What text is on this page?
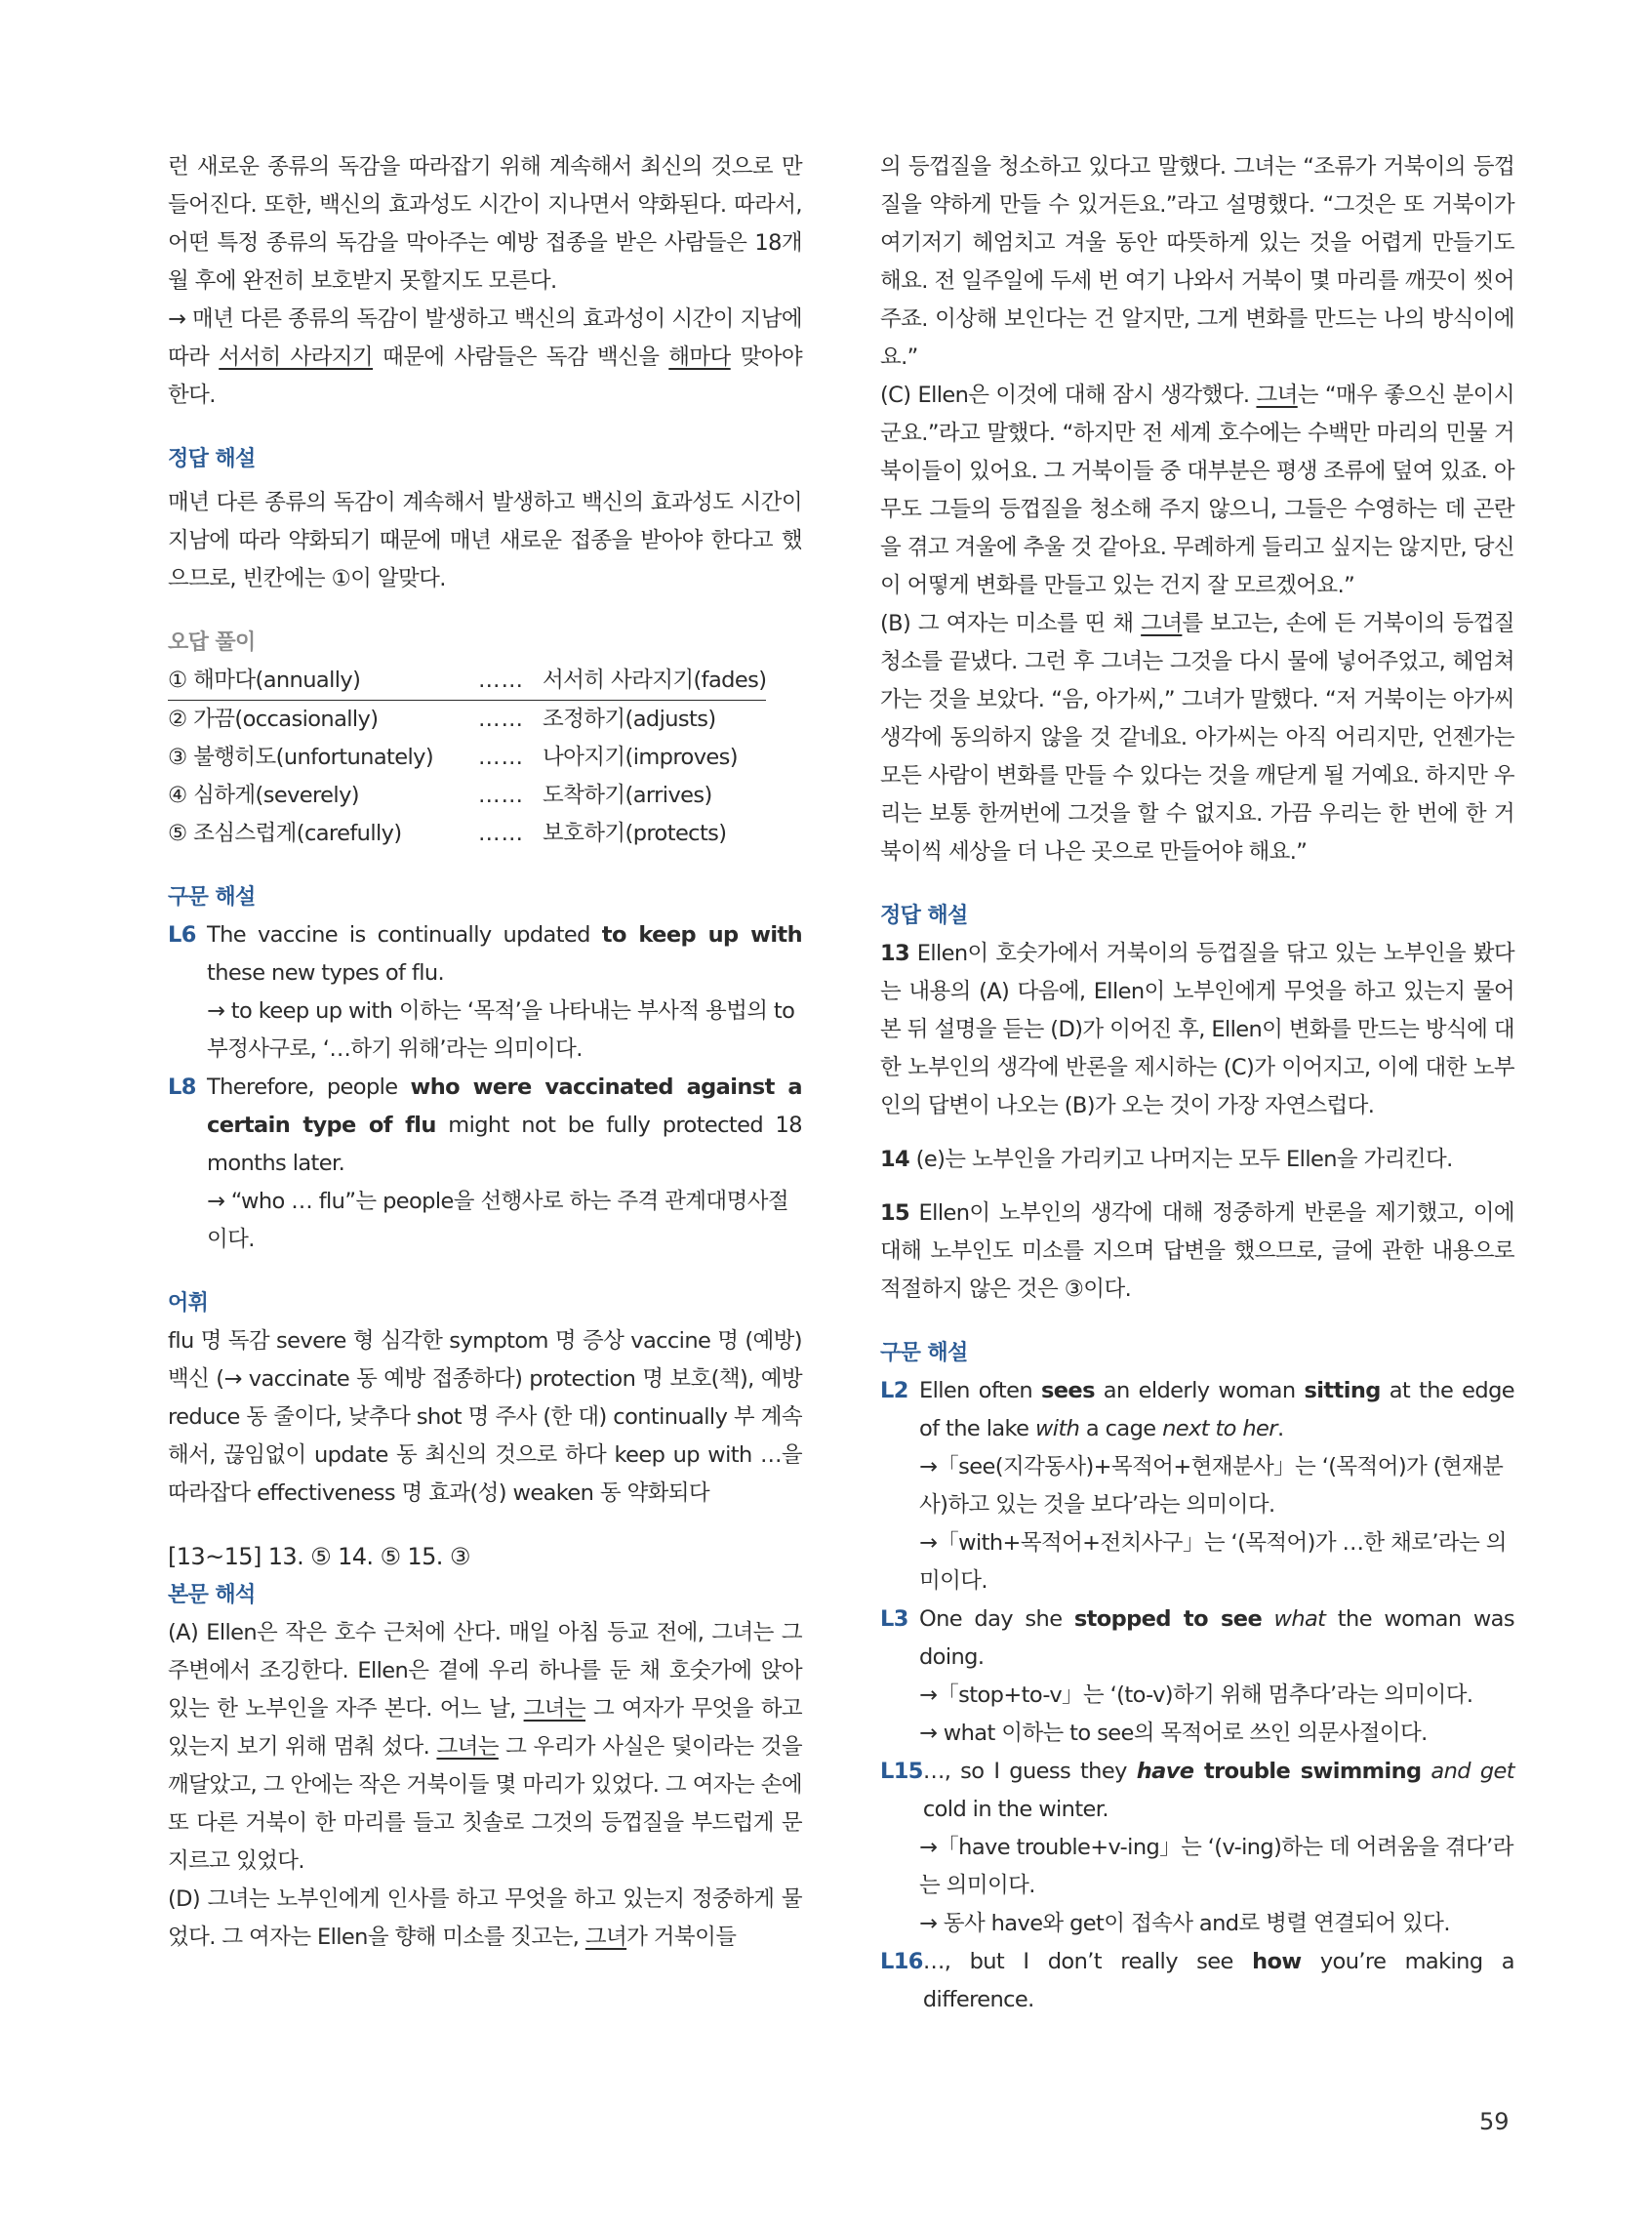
런 새로운 종류의 독감을 따라잡기 위해 계속해서 최신의 것으로 만들어진다. 또한, 백신의 효과성도 시간이 지나면서 약화된다. 따라서, 어떤 특정 종류의 독감을 막아주는 예방 접종을 받은 사람들은 18개월 후에 완전히 보호받지 못할지도 모른다.

→ 매년 다른 종류의 독감이 발생하고 백신의 효과성이 시간이 지남에 따라 서서히 사라지기 때문에 사람들은 독감 백신을 해마다 맞아야 한다.

정답 해설

매년 다른 종류의 독감이 계속해서 발생하고 백신의 효과성도 시간이 지남에 따라 약화되기 때문에 매년 새로운 접종을 받아야 한다고 했으므로, 빈칸에는 ①이 알맞다.

오답 풀이

① 해마다(annually)	…… 서서히 사라지기(fades)
② 가끔(occasionally)	…… 조정하기(adjusts)
③ 불행히도(unfortunately)	…… 나아지기(improves)
④ 심하게(severely)	…… 도착하기(arrives)
⑤ 조심스럽게(carefully)	…… 보호하기(protects)

구문 해설

L6 The vaccine is continually updated to keep up with these new types of flu.

→ to keep up with 이하는 ‘목적’을 나타내는 부사적 용법의 to부정사구로, ‘…하기 위해’라는 의미이다.

L8 Therefore, people who were vaccinated against a certain type of flu might not be fully protected 18 months later.

→ “who … flu”는 people을 선행사로 하는 주격 관계대명사절이다.

어휘

flu 명 독감 severe 형 심각한 symptom 명 증상 vaccine 명 (예방) 백신 (→ vaccinate 동 예방 접종하다) protection 명 보호(책), 예방 reduce 동 줄이다, 낮추다 shot 명 주사 (한 대) continually 부 계속해서, 끊임없이 update 동 최신의 것으로 하다 keep up with …을 따라잡다 effectiveness 명 효과(성) weaken 동 약화되다

[13~15] 13. ⑤ 14. ⑤ 15. ③

본문 해석

(A) Ellen은 작은 호수 근처에 산다. 매일 아침 등교 전에, 그녀는 그 주변에서 조깅한다. Ellen은 곁에 우리 하나를 둔 채 호숫가에 앉아 있는 한 노부인을 자주 본다. 어느 날, 그녀는 그 여자가 무엇을 하고 있는지 보기 위해 멈춰 섰다. 그녀는 그 우리가 사실은 덫이라는 것을 깨달았고, 그 안에는 작은 거북이들 몇 마리가 있었다. 그 여자는 손에 또 다른 거북이 한 마리를 들고 칫솔로 그것의 등껍질을 부드럽게 문지르고 있었다.

(D) 그녀는 노부인에게 인사를 하고 무엇을 하고 있는지 정중하게 물었다. 그 여자는 Ellen을 향해 미소를 짓고는, 그녀가 거북이들

의 등껍질을 청소하고 있다고 말했다. 그녀는 “조류가 거북이의 등껍질을 약하게 만들 수 있거든요.”라고 설명했다. “그것은 또 거북이가 여기저기 헤엄치고 겨울 동안 따뜻하게 있는 것을 어렵게 만들기도 해요. 전 일주일에 두세 번 여기 나와서 거북이 몇 마리를 깨끗이 씻어주죠. 이상해 보인다는 건 알지만, 그게 변화를 만드는 나의 방식이에요.”

(C) Ellen은 이것에 대해 잠시 생각했다. 그녀는 “매우 좋으신 분이시군요.”라고 말했다. “하지만 전 세계 호수에는 수백만 마리의 민물 거북이들이 있어요. 그 거북이들 중 대부분은 평생 조류에 덮여 있죠. 아무도 그들의 등껍질을 청소해 주지 않으니, 그들은 수영하는 데 곤란을 겪고 겨울에 추울 것 같아요. 무례하게 들리고 싶지는 않지만, 당신이 어떻게 변화를 만들고 있는 건지 잘 모르겠어요.”

(B) 그 여자는 미소를 띤 채 그녀를 보고는, 손에 든 거북이의 등껍질 청소를 끝냈다. 그런 후 그녀는 그것을 다시 물에 넣어주었고, 헤엄쳐 가는 것을 보았다. “음, 아가씨,” 그녀가 말했다. “저 거북이는 아가씨 생각에 동의하지 않을 것 같네요. 아가씨는 아직 어리지만, 언젠가는 모든 사람이 변화를 만들 수 있다는 것을 깨닫게 될 거예요. 하지만 우리는 보통 한꺼번에 그것을 할 수 없지요. 가끔 우리는 한 번에 한 거북이씩 세상을 더 나은 곳으로 만들어야 해요.”

정답 해설

13 Ellen이 호숫가에서 거북이의 등껍질을 닦고 있는 노부인을 봤다는 내용의 (A) 다음에, Ellen이 노부인에게 무엇을 하고 있는지 물어본 뒤 설명을 듣는 (D)가 이어진 후, Ellen이 변화를 만드는 방식에 대한 노부인의 생각에 반론을 제시하는 (C)가 이어지고, 이에 대한 노부인의 답변이 나오는 (B)가 오는 것이 가장 자연스럽다.

14 (e)는 노부인을 가리키고 나머지는 모두 Ellen을 가리킨다.

15 Ellen이 노부인의 생각에 대해 정중하게 반론을 제기했고, 이에 대해 노부인도 미소를 지으며 답변을 했으므로, 글에 관한 내용으로 적절하지 않은 것은 ③이다.

구문 해설

L2 Ellen often sees an elderly woman sitting at the edge of the lake with a cage next to her.

→「see(지각동사)+목적어+현재분사」는 ‘(목적어)가 (현재분사)하고 있는 것을 보다’라는 의미이다.

→「with+목적어+전치사구」는 ‘(목적어)가 …한 채로’라는 의미이다.

L3 One day she stopped to see what the woman was doing.

→「stop+to-v」는 ‘(to-v)하기 위해 멈추다’라는 의미이다.

→ what 이하는 to see의 목적어로 쓰인 의문사절이다.

L15 …, so I guess they have trouble swimming and get cold in the winter.

→「have trouble+v-ing」는 ‘(v-ing)하는 데 어려움을 겪다’라는 의미이다.

→ 동사 have와 get이 접속사 and로 병렬 연결되어 있다.

L16 …, but I don’t really see how you’re making a difference.
59
